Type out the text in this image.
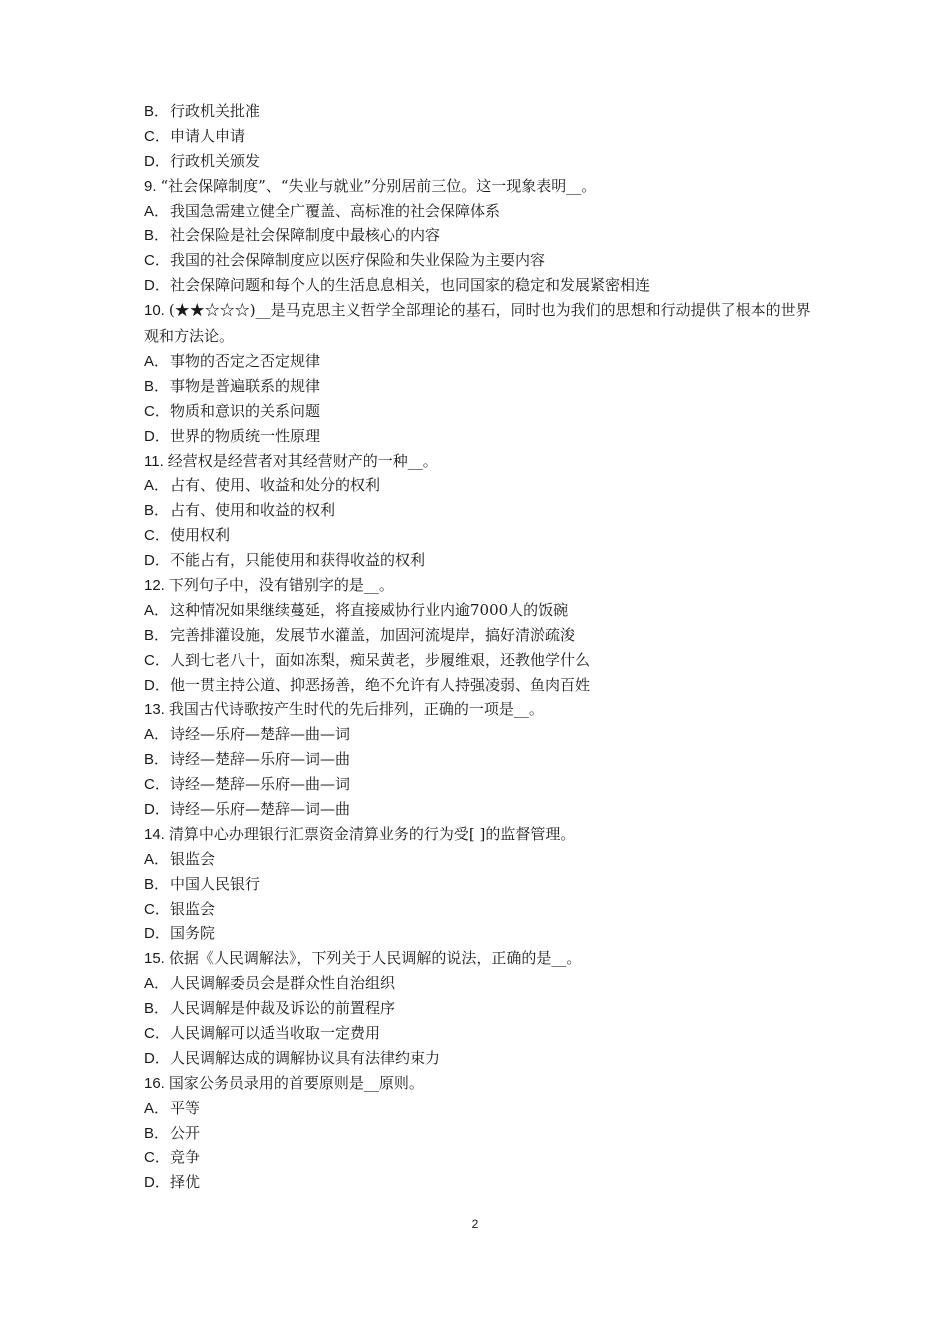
B．行政机关批准
C．申请人申请
D．行政机关颁发
9. “社会保障制度”、“失业与就业”分别居前三位。这一现象表明__。
A．我国急需建立健全广覆盖、高标准的社会保障体系
B．社会保险是社会保障制度中最核心的内容
C．我国的社会保障制度应以医疗保险和失业保险为主要内容
D．社会保障问题和每个人的生活息息相关，也同国家的稳定和发展紧密相连
10. (★★☆☆☆)__是马克思主义哲学全部理论的基石，同时也为我们的思想和行动提供了根本的世界观和方法论。
A．事物的否定之否定规律
B．事物是普遍联系的规律
C．物质和意识的关系问题
D．世界的物质统一性原理
11. 经营权是经营者对其经营财产的一种__。
A．占有、使用、收益和处分的权利
B．占有、使用和收益的权利
C．使用权利
D．不能占有，只能使用和获得收益的权利
12. 下列句子中，没有错别字的是__。
A．这种情况如果继续蔓延，将直接威协行业内逾7000人的饭碗
B．完善排灌设施，发展节水灌盖，加固河流堤岸，搞好清淤疏浚
C．人到七老八十，面如冻梨，痴呆黄老，步履维艰，还教他学什么
D．他一贯主持公道、抑恶扬善，绝不允许有人持强凌弱、鱼肉百姓
13. 我国古代诗歌按产生时代的先后排列，正确的一项是__。
A．诗经—乐府—楚辞—曲—词
B．诗经—楚辞—乐府—词—曲
C．诗经—楚辞—乐府—曲—词
D．诗经—乐府—楚辞—词—曲
14. 清算中心办理银行汇票资金清算业务的行为受[ ]的监督管理。
A．银监会
B．中国人民银行
C．银监会
D．国务院
15. 依据《人民调解法》，下列关于人民调解的说法，正确的是__。
A．人民调解委员会是群众性自治组织
B．人民调解是仲裁及诉讼的前置程序
C．人民调解可以适当收取一定费用
D．人民调解达成的调解协议具有法律约束力
16. 国家公务员录用的首要原则是__原则。
A．平等
B．公开
C．竞争
D．择优
2
